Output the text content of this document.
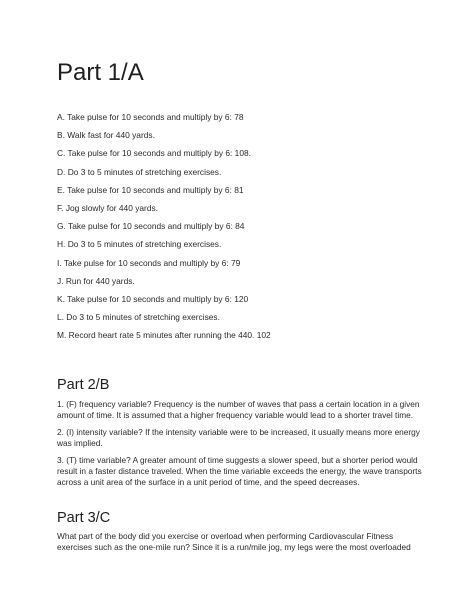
Part 1/A
A. Take pulse for 10 seconds and multiply by 6: 78
B. Walk fast for 440 yards.
C. Take pulse for 10 seconds and multiply by 6: 108.
D. Do 3 to 5 minutes of stretching exercises.
E. Take pulse for 10 seconds and multiply by 6: 81
F. Jog slowly for 440 yards.
G. Take pulse for 10 seconds and multiply by 6: 84
H. Do 3 to 5 minutes of stretching exercises.
I. Take pulse for 10 seconds and multiply by 6: 79
J. Run for 440 yards.
K. Take pulse for 10 seconds and multiply by 6: 120
L. Do 3 to 5 minutes of stretching exercises.
M. Record heart rate 5 minutes after running the 440. 102
Part 2/B

1. (F) frequency variable? Frequency is the number of waves that pass a certain location in a given amount of time. It is assumed that a higher frequency variable would lead to a shorter travel time.

2. (I) intensity variable? If the intensity variable were to be increased, it usually means more energy was implied.

3. (T) time variable? A greater amount of time suggests a slower speed, but a shorter period would result in a faster distance traveled. When the time variable exceeds the energy, the wave transports across a unit area of the surface in a unit period of time, and the speed decreases.

Part 3/C

What part of the body did you exercise or overload when performing Cardiovascular Fitness exercises such as the one-mile run? Since it is a run/mile jog, my legs were the most overloaded
